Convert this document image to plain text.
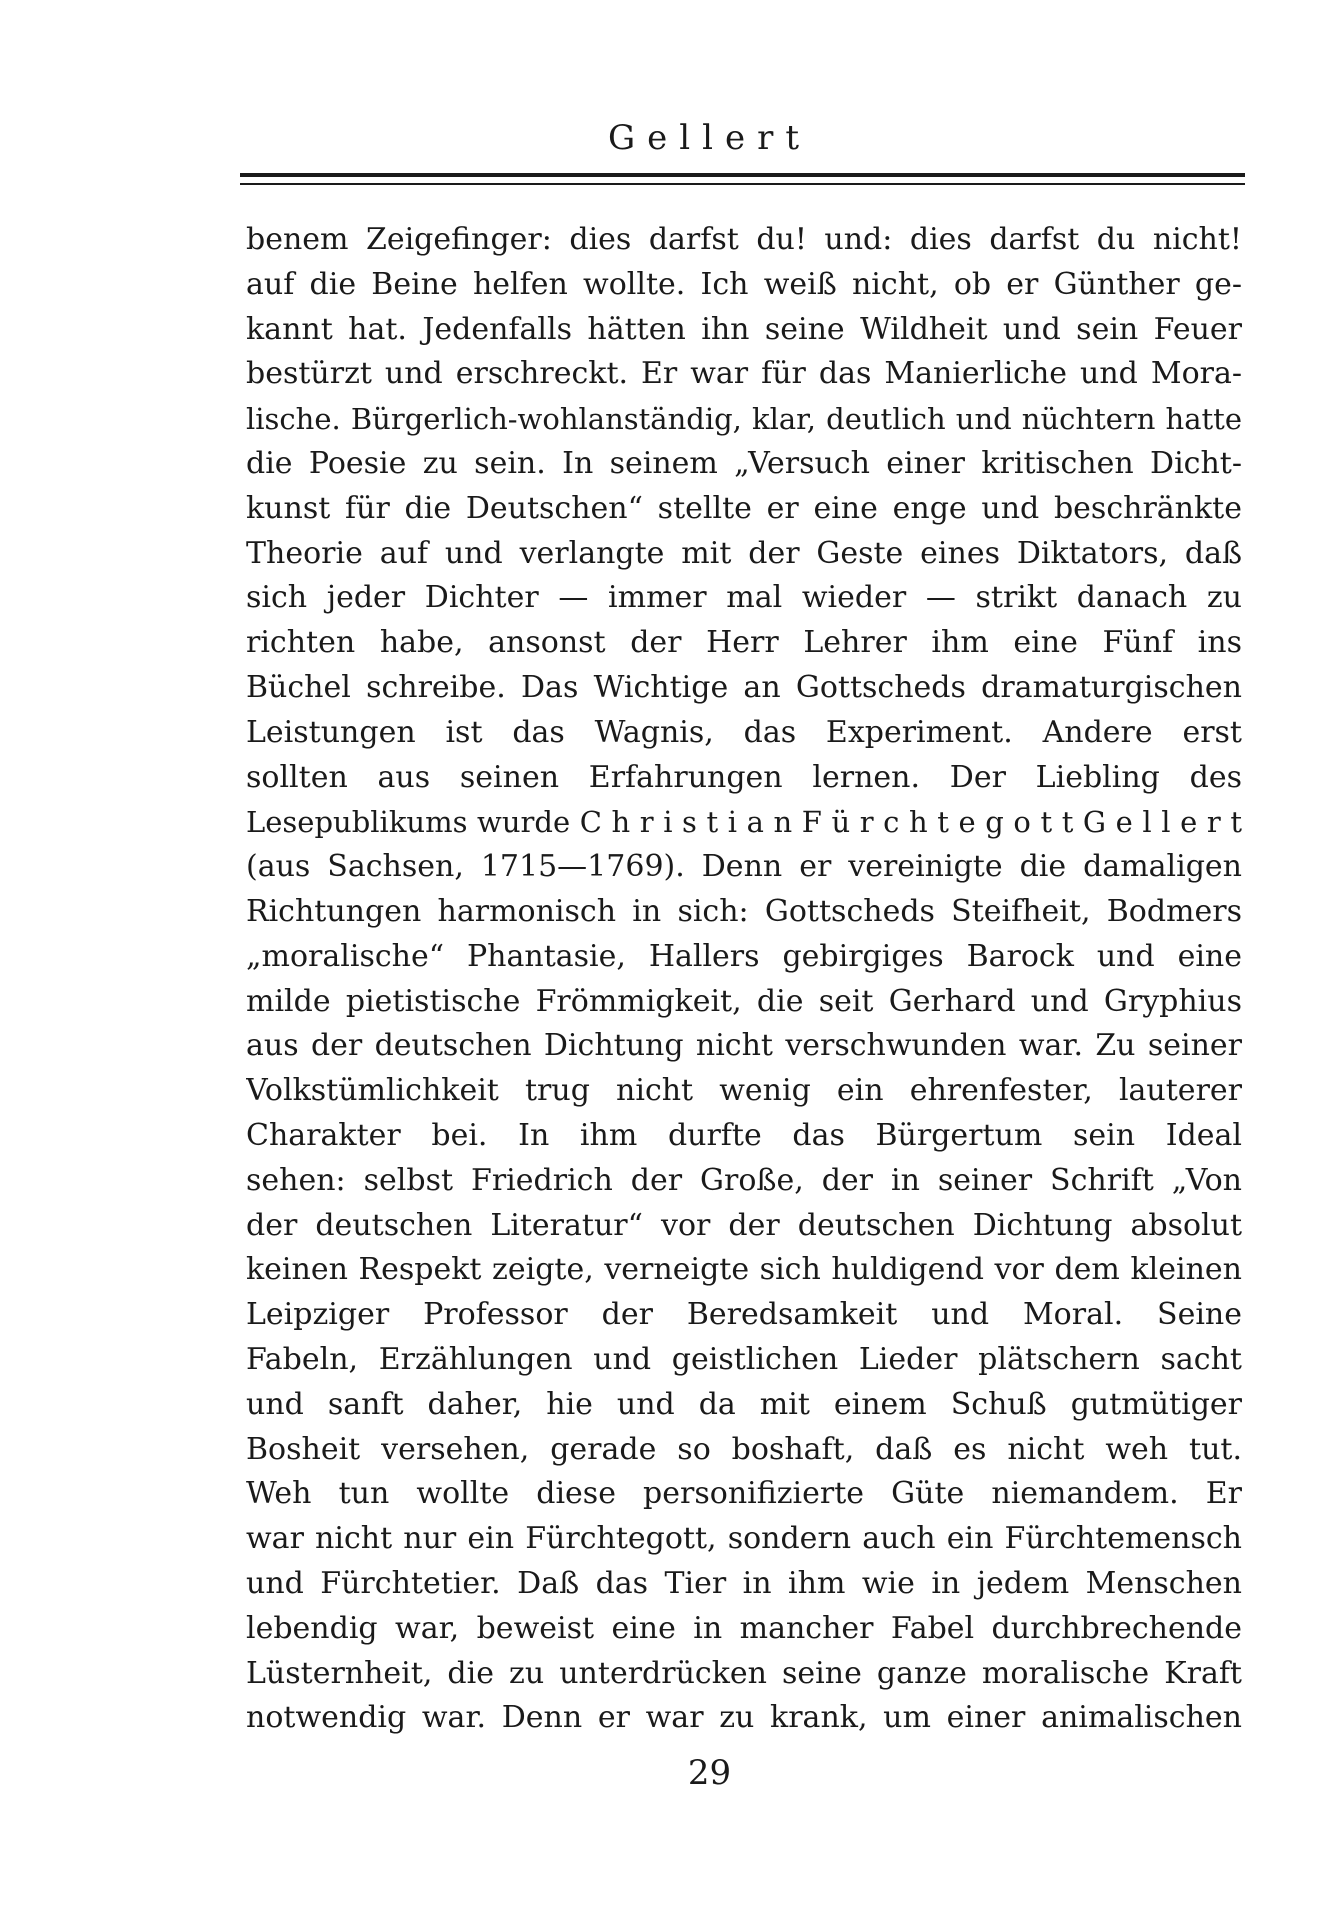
Gellert
benem Zeigefinger: dies darfst du! und: dies darfst du nicht!
auf die Beine helfen wollte. Ich weiß nicht, ob er Günther ge-
kannt hat. Jedenfalls hätten ihn seine Wildheit und sein Feuer
bestürzt und erschreckt. Er war für das Manierliche und Mora-
lische. Bürgerlich-wohlanständig, klar, deutlich und nüchtern hatte
die Poesie zu sein. In seinem „Versuch einer kritischen Dicht-
kunst für die Deutschen“ stellte er eine enge und beschränkte
Theorie auf und verlangte mit der Geste eines Diktators, daß
sich jeder Dichter — immer mal wieder — strikt danach zu
richten habe, ansonst der Herr Lehrer ihm eine Fünf ins
Büchel schreibe. Das Wichtige an Gottscheds dramaturgischen
Leistungen ist das Wagnis, das Experiment. Andere erst
sollten aus seinen Erfahrungen lernen. Der Liebling des
Lesepublikums wurde C h r i s t i a n F ü r c h t e g o t t G e l l e r t
(aus Sachsen, 1715—1769). Denn er vereinigte die damaligen
Richtungen harmonisch in sich: Gottscheds Steifheit, Bodmers
„moralische“ Phantasie, Hallers gebirgiges Barock und eine
milde pietistische Frömmigkeit, die seit Gerhard und Gryphius
aus der deutschen Dichtung nicht verschwunden war. Zu seiner
Volkstümlichkeit trug nicht wenig ein ehrenfester, lauterer
Charakter bei. In ihm durfte das Bürgertum sein Ideal
sehen: selbst Friedrich der Große, der in seiner Schrift „Von
der deutschen Literatur“ vor der deutschen Dichtung absolut
keinen Respekt zeigte, verneigte sich huldigend vor dem kleinen
Leipziger Professor der Beredsamkeit und Moral. Seine
Fabeln, Erzählungen und geistlichen Lieder plätschern sacht
und sanft daher, hie und da mit einem Schuß gutmütiger
Bosheit versehen, gerade so boshaft, daß es nicht weh tut.
Weh tun wollte diese personifizierte Güte niemandem. Er
war nicht nur ein Fürchtegott, sondern auch ein Fürchtemensch
und Fürchtetier. Daß das Tier in ihm wie in jedem Menschen
lebendig war, beweist eine in mancher Fabel durchbrechende
Lüsternheit, die zu unterdrücken seine ganze moralische Kraft
notwendig war. Denn er war zu krank, um einer animalischen
29
